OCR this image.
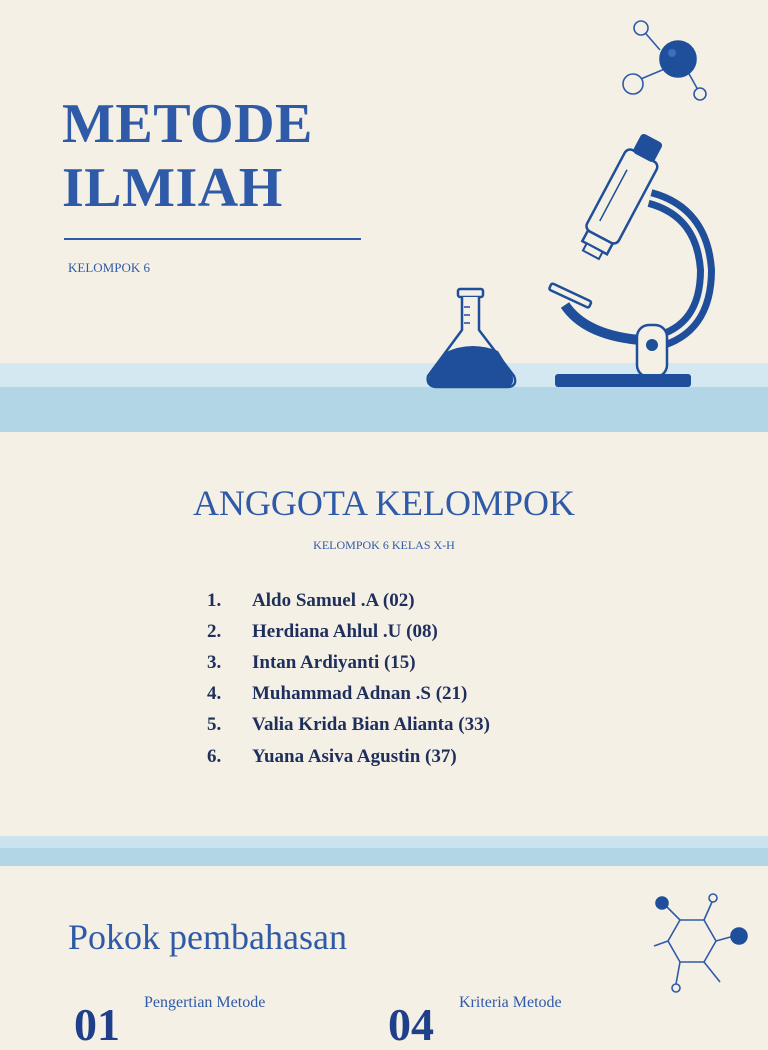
METODE
ILMIAH
KELOMPOK 6
ANGGOTA KELOMPOK
KELOMPOK 6 KELAS X-H
1.	Aldo Samuel .A (02)
2.	Herdiana Ahlul .U (08)
3.	Intan Ardiyanti (15)
4.	Muhammad Adnan .S (21)
5.	Valia Krida Bian Alianta (33)
6.	Yuana Asiva Agustin (37)
Pokok pembahasan
01 Pengertian Metode	04 Kriteria Metode
